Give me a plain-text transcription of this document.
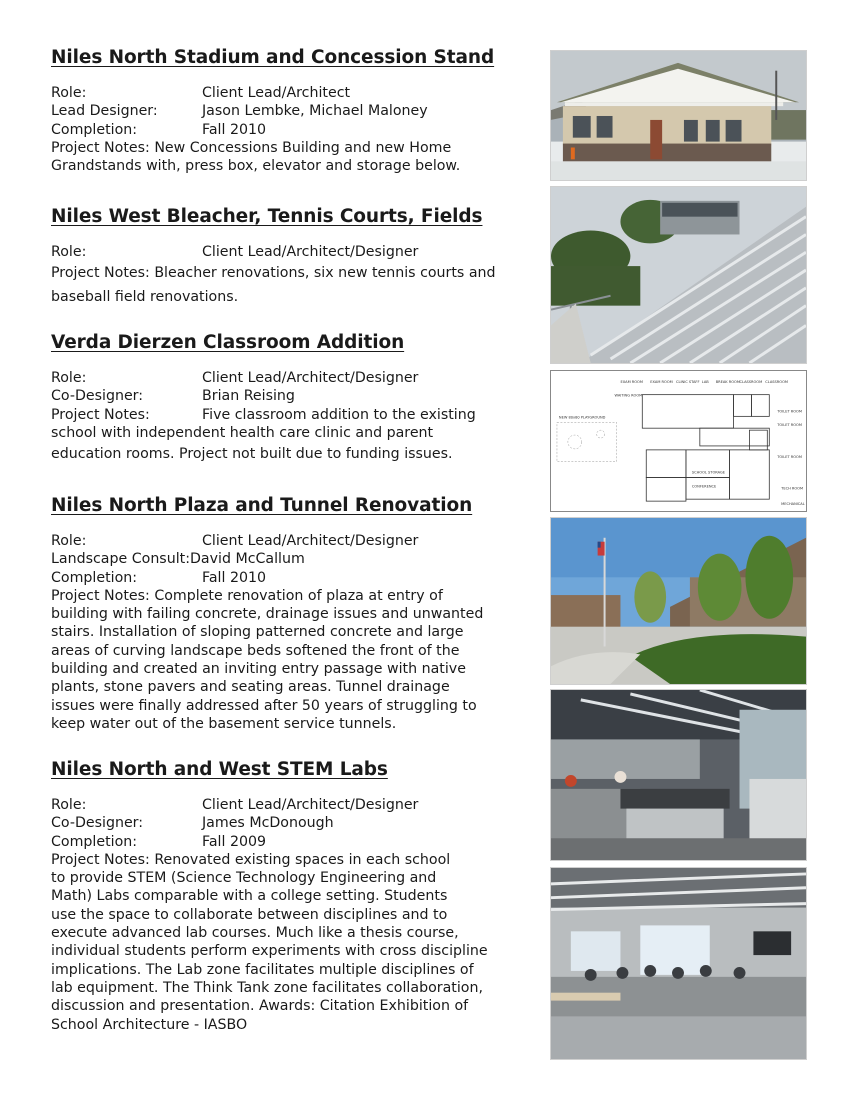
Niles North Stadium and Concession Stand
Role:	Client Lead/Architect
Lead Designer:	Jason Lembke, Michael Maloney
Completion:	Fall 2010
Project Notes: New Concessions Building and new Home
Grandstands with, press box, elevator and storage below.
Niles West Bleacher, Tennis Courts, Fields
Role:	Client Lead/Architect/Designer
Project Notes: Bleacher renovations, six new tennis courts and
baseball field renovations.
Verda Dierzen Classroom Addition
Role:	Client Lead/Architect/Designer
Co-Designer:	Brian Reising
Project Notes:	Five classroom addition to the existing
school with independent health care clinic and parent
education rooms. Project not built due to funding issues.
Niles North Plaza and Tunnel Renovation
Role:	Client Lead/Architect/Designer
Landscape Consult: David McCallum
Completion:	Fall 2010
Project Notes: Complete renovation of plaza at entry of
building with failing concrete, drainage issues and unwanted
stairs. Installation of sloping patterned concrete and large
areas of curving landscape beds softened the front of the
building and created an inviting entry passage with native
plants, stone pavers and seating areas. Tunnel drainage
issues were finally addressed after 50 years of struggling to
keep water out of the basement service tunnels.
Niles North and West STEM Labs
Role:	Client Lead/Architect/Designer
Co-Designer:	James McDonough
Completion:	Fall 2009
Project Notes: Renovated existing spaces in each school
to provide STEM (Science Technology Engineering and
Math) Labs comparable with a college setting. Students
use the space to collaborate between disciplines and to
execute advanced lab courses. Much like a thesis course,
individual students perform experiments with cross discipline
implications. The Lab zone facilitates multiple disciplines of
lab equipment. The Think Tank zone facilitates collaboration,
discussion and presentation. Awards: Citation Exhibition of
School Architecture - IASBO
EXAM ROOM EXAM ROOM CLINIC STAFF LAB BREAK ROOM CLASSROOM CLASSROOM
WAITING ROOM
NEW 80x80 PLAYGROUND
TOILET ROOM
TOILET ROOM
TOILET ROOM
SCHOOL STORAGE
CONFERENCE	TECH ROOM
MECHANICAL
